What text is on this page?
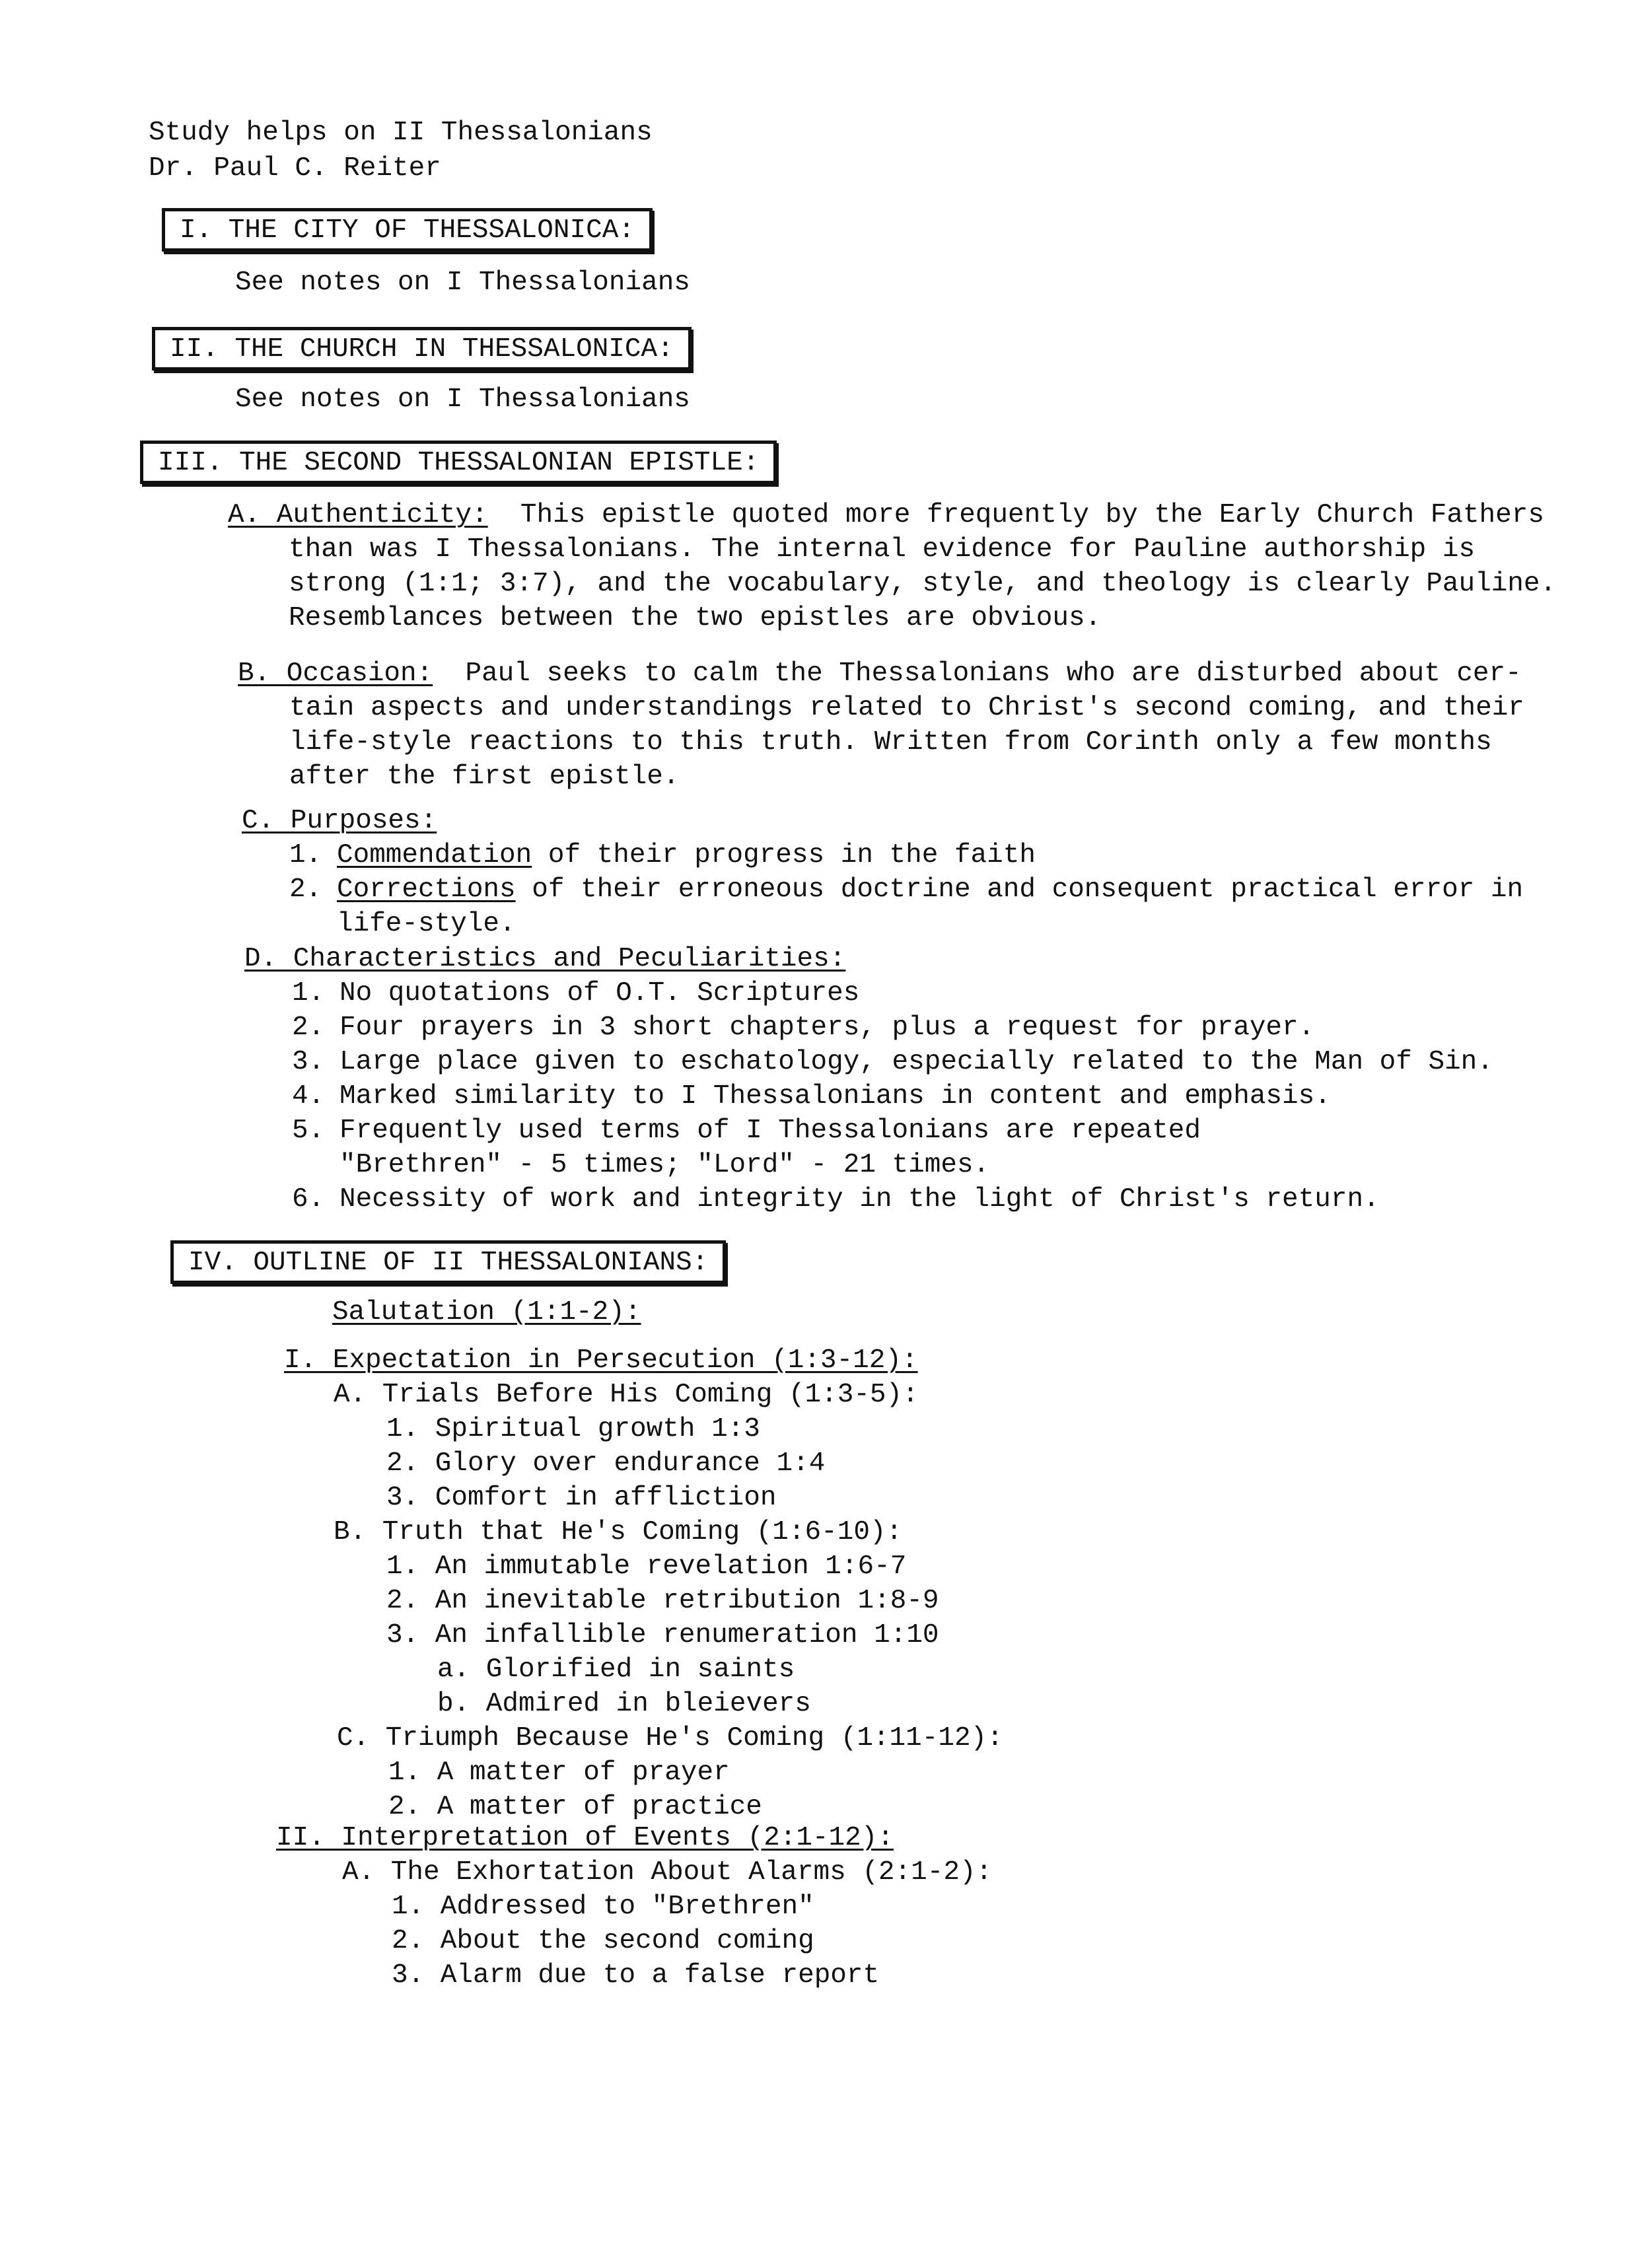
Study helps on II Thessalonians
Dr. Paul C. Reiter
I. THE CITY OF THESSALONICA:
See notes on I Thessalonians
II. THE CHURCH IN THESSALONICA:
See notes on I Thessalonians
III. THE SECOND THESSALONIAN EPISTLE:
A. Authenticity: This epistle quoted more frequently by the Early Church Fathers
than was I Thessalonians. The internal evidence for Pauline authorship is
strong (1:1; 3:7), and the vocabulary, style, and theology is clearly Pauline.
Resemblances between the two epistles are obvious.
B. Occasion: Paul seeks to calm the Thessalonians who are disturbed about cer-
tain aspects and understandings related to Christ's second coming, and their
life-style reactions to this truth. Written from Corinth only a few months
after the first epistle.
C. Purposes:
1. Commendation of their progress in the faith
2. Corrections of their erroneous doctrine and consequent practical error in
life-style.
D. Characteristics and Peculiarities:
1. No quotations of O.T. Scriptures
2. Four prayers in 3 short chapters, plus a request for prayer.
3. Large place given to eschatology, especially related to the Man of Sin.
4. Marked similarity to I Thessalonians in content and emphasis.
5. Frequently used terms of I Thessalonians are repeated
"Brethren" - 5 times; "Lord" - 21 times.
6. Necessity of work and integrity in the light of Christ's return.
IV. OUTLINE OF II THESSALONIANS:
Salutation (1:1-2):
I. Expectation in Persecution (1:3-12):
A. Trials Before His Coming (1:3-5):
1. Spiritual growth 1:3
2. Glory over endurance 1:4
3. Comfort in affliction
B. Truth that He's Coming (1:6-10):
1. An immutable revelation 1:6-7
2. An inevitable retribution 1:8-9
3. An infallible renumeration 1:10
a. Glorified in saints
b. Admired in bleievers
C. Triumph Because He's Coming (1:11-12):
1. A matter of prayer
2. A matter of practice
II. Interpretation of Events (2:1-12):
A. The Exhortation About Alarms (2:1-2):
1. Addressed to "Brethren"
2. About the second coming
3. Alarm due to a false report
